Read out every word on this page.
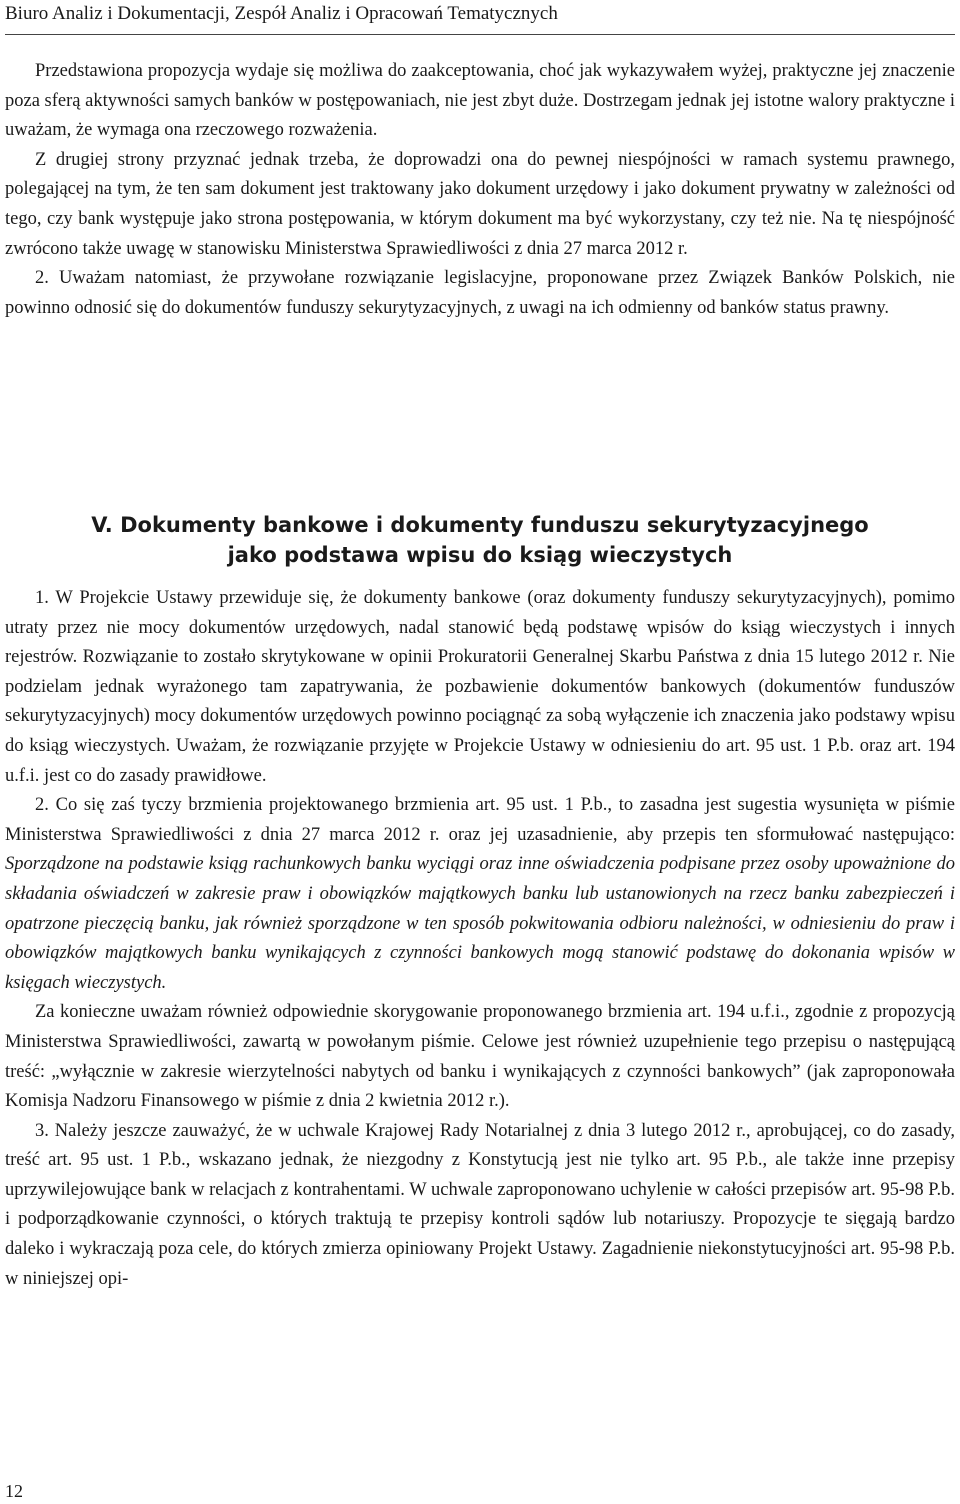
Biuro Analiz i Dokumentacji, Zespół Analiz i Opracowań Tematycznych

Przedstawiona propozycja wydaje się możliwa do zaakceptowania, choć jak wykazywałem wyżej, praktyczne jej znaczenie poza sferą aktywności samych banków w postępowaniach, nie jest zbyt duże. Dostrzegam jednak jej istotne walory praktyczne i uważam, że wymaga ona rzeczowego rozważenia.

Z drugiej strony przyznać jednak trzeba, że doprowadzi ona do pewnej niespójności w ramach systemu prawnego, polegającej na tym, że ten sam dokument jest traktowany jako dokument urzędowy i jako dokument prywatny w zależności od tego, czy bank występuje jako strona postępowania, w którym dokument ma być wykorzystany, czy też nie. Na tę niespójność zwrócono także uwagę w stanowisku Ministerstwa Sprawiedliwości z dnia 27 marca 2012 r.

2. Uważam natomiast, że przywołane rozwiązanie legislacyjne, proponowane przez Związek Banków Polskich, nie powinno odnosić się do dokumentów funduszy sekurytyzacyjnych, z uwagi na ich odmienny od banków status prawny.

V. Dokumenty bankowe i dokumenty funduszu sekurytyzacyjnego
jako podstawa wpisu do ksiąg wieczystych

1. W Projekcie Ustawy przewiduje się, że dokumenty bankowe (oraz dokumenty funduszy sekurytyzacyjnych), pomimo utraty przez nie mocy dokumentów urzędowych, nadal stanowić będą podstawę wpisów do ksiąg wieczystych i innych rejestrów. Rozwiązanie to zostało skrytykowane w opinii Prokuratorii Generalnej Skarbu Państwa z dnia 15 lutego 2012 r. Nie podzielam jednak wyrażonego tam zapatrywania, że pozbawienie dokumentów bankowych (dokumentów funduszów sekurytyzacyjnych) mocy dokumentów urzędowych powinno pociągnąć za sobą wyłączenie ich znaczenia jako podstawy wpisu do ksiąg wieczystych. Uważam, że rozwiązanie przyjęte w Projekcie Ustawy w odniesieniu do art. 95 ust. 1 P.b. oraz art. 194 u.f.i. jest co do zasady prawidłowe.

2. Co się zaś tyczy brzmienia projektowanego brzmienia art. 95 ust. 1 P.b., to zasadna jest sugestia wysunięta w piśmie Ministerstwa Sprawiedliwości z dnia 27 marca 2012 r. oraz jej uzasadnienie, aby przepis ten sformułować następująco: Sporządzone na podstawie ksiąg rachunkowych banku wyciągi oraz inne oświadczenia podpisane przez osoby upoważnione do składania oświadczeń w zakresie praw i obowiązków majątkowych banku lub ustanowionych na rzecz banku zabezpieczeń i opatrzone pieczęcią banku, jak również sporządzone w ten sposób pokwitowania odbioru należności, w odniesieniu do praw i obowiązków majątkowych banku wynikających z czynności bankowych mogą stanowić podstawę do dokonania wpisów w księgach wieczystych.

Za konieczne uważam również odpowiednie skorygowanie proponowanego brzmienia art. 194 u.f.i., zgodnie z propozycją Ministerstwa Sprawiedliwości, zawartą w powołanym piśmie. Celowe jest również uzupełnienie tego przepisu o następującą treść: „wyłącznie w zakresie wierzytelności nabytych od banku i wynikających z czynności bankowych” (jak zaproponowała Komisja Nadzoru Finansowego w piśmie z dnia 2 kwietnia 2012 r.).

3. Należy jeszcze zauważyć, że w uchwale Krajowej Rady Notarialnej z dnia 3 lutego 2012 r., aprobującej, co do zasady, treść art. 95 ust. 1 P.b., wskazano jednak, że niezgodny z Konstytucją jest nie tylko art. 95 P.b., ale także inne przepisy uprzywilejowujące bank w relacjach z kontrahentami. W uchwale zaproponowano uchylenie w całości przepisów art. 95-98 P.b. i podporządkowanie czynności, o których traktują te przepisy kontroli sądów lub notariuszy. Propozycje te sięgają bardzo daleko i wykraczają poza cele, do których zmierza opiniowany Projekt Ustawy. Zagadnienie niekonstytucyjności art. 95-98 P.b. w niniejszej opi-

12
